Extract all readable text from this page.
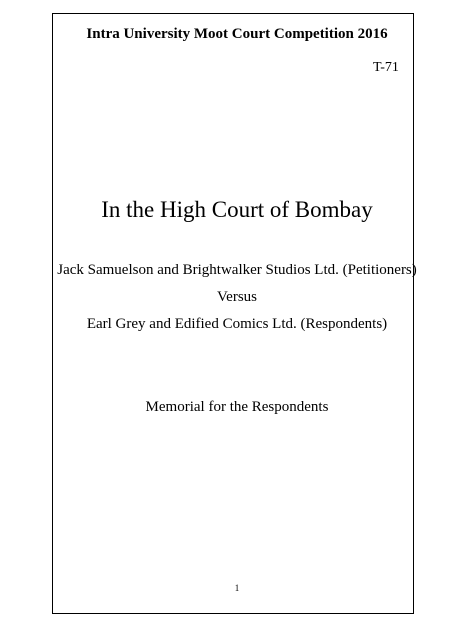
Intra University Moot Court Competition 2016
T-71
In the High Court of Bombay
Jack Samuelson and Brightwalker Studios Ltd. (Petitioners)
Versus
Earl Grey and Edified Comics Ltd. (Respondents)
Memorial for the Respondents
1
